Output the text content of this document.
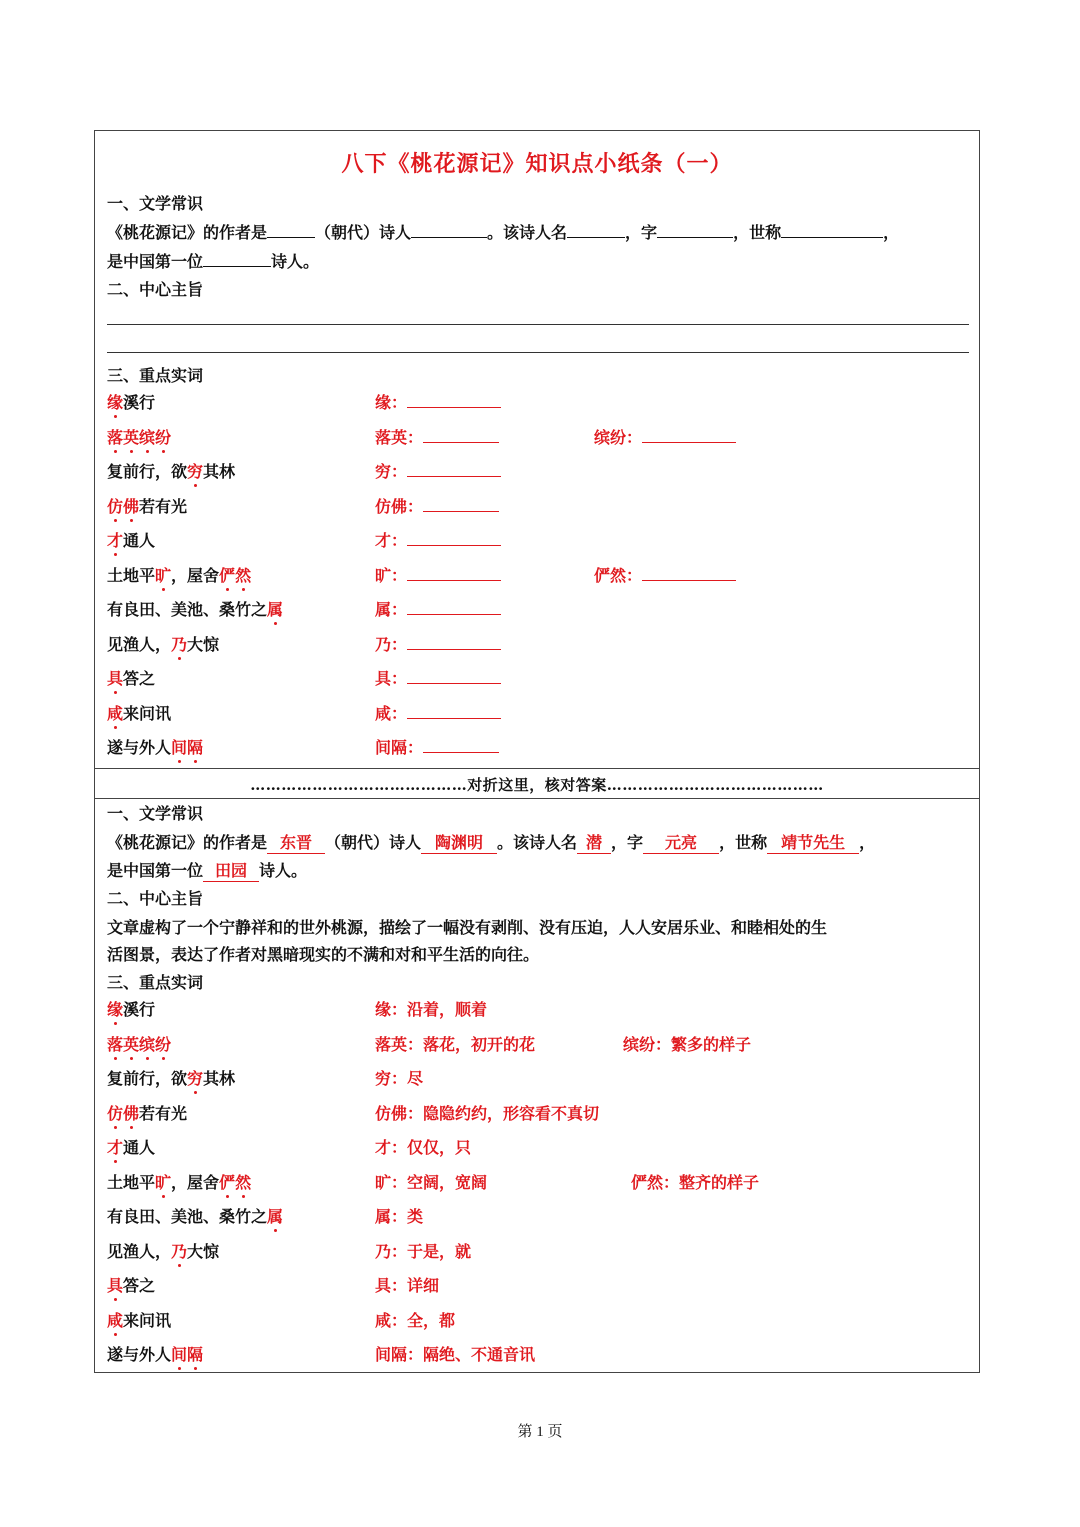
八下《桃花源记》知识点小纸条（一）
一、文学常识
《桃花源记》的作者是	（朝代）诗人	。该诗人名	，字	，世称	，
是中国第一位	诗人。
二、中心主旨
三、重点实词
缘溪行	缘：
落英缤纷	落英：	缤纷：
复前行，欲穷其林	穷：
仿佛若有光	仿佛：
才通人	才：
土地平旷，屋舍俨然	旷：	俨然：
有良田、美池、桑竹之属	属：
见渔人，乃大惊	乃：
具答之	具：
咸来问讯	咸：
遂与外人间隔	间隔：
……………………………………对折这里，核对答案……………………………………
一、文学常识
《桃花源记》的作者是 东晋 （朝代）诗人 陶渊明 。该诗人名 潜 ，字 元亮 ，世称 靖节先生 ，
是中国第一位 田园 诗人。
二、中心主旨
文章虚构了一个宁静祥和的世外桃源，描绘了一幅没有剥削、没有压迫，人人安居乐业、和睦相处的生
活图景，表达了作者对黑暗现实的不满和对和平生活的向往。
三、重点实词
缘溪行	缘：沿着，顺着
落英缤纷	落英：落花，初开的花	缤纷：繁多的样子
复前行，欲穷其林	穷：尽
仿佛若有光	仿佛：隐隐约约，形容看不真切
才通人	才：仅仅，只
土地平旷，屋舍俨然	旷：空阔，宽阔	俨然：整齐的样子
有良田、美池、桑竹之属	属：类
见渔人，乃大惊	乃：于是，就
具答之	具：详细
咸来问讯	咸：全，都
遂与外人间隔	间隔：隔绝、不通音讯
第 1 页
